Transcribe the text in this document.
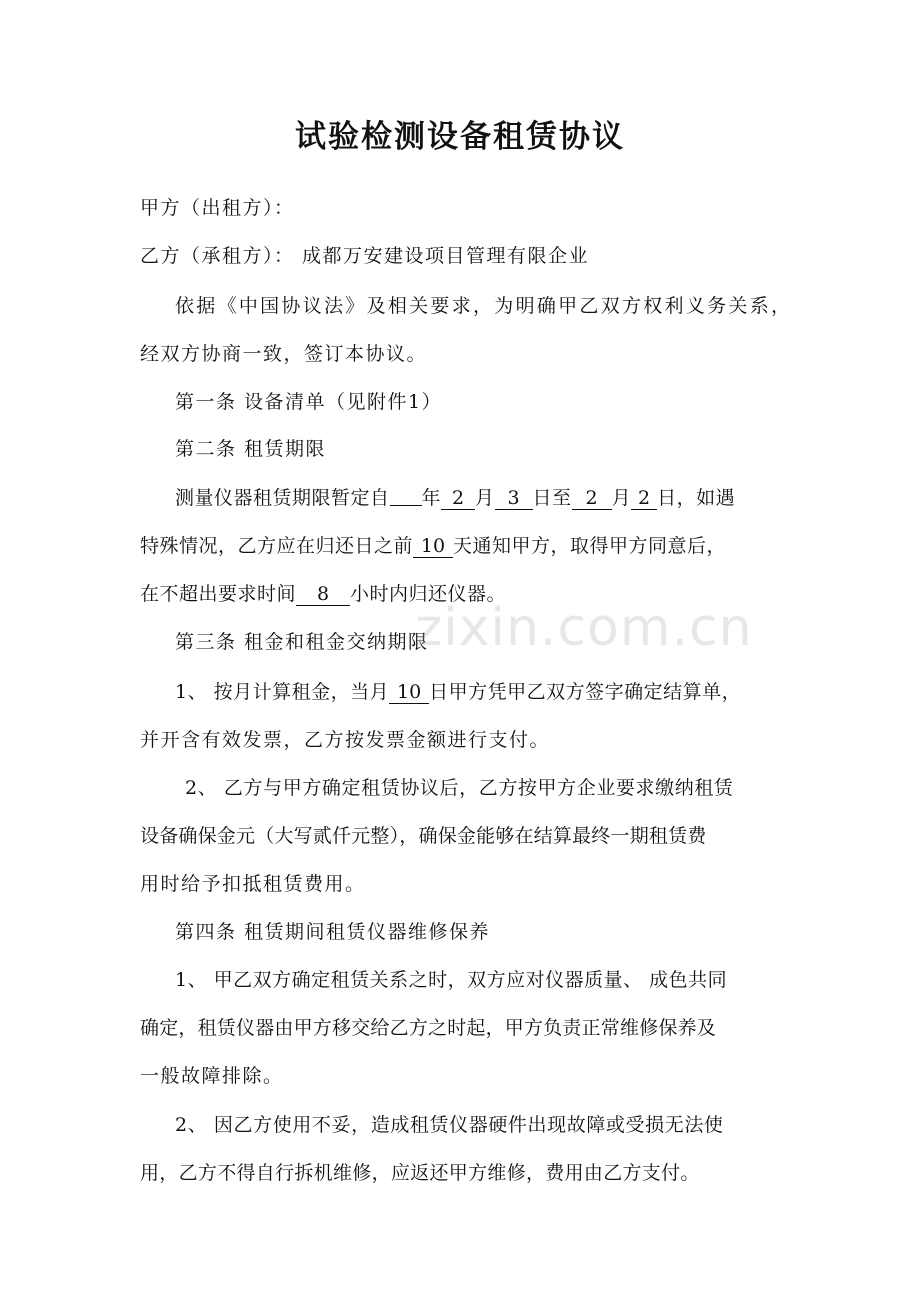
试验检测设备租赁协议
甲方（出租方）：
乙方（承租方）： 成都万安建设项目管理有限企业
依据《中国协议法》及相关要求，为明确甲乙双方权利义务关系，
经双方协商一致，签订本协议。
第一条 设备清单（见附件1）
第二条 租赁期限
测量仪器租赁期限暂定自 年 2 月 3 日至 2 月 2 日，如遇
特殊情况，乙方应在归还日之前 10 天通知甲方，取得甲方同意后，
在不超出要求时间 8 小时内归还仪器。
第三条 租金和租金交纳期限
1、 按月计算租金，当月 10 日甲方凭甲乙双方签字确定结算单，
并开含有效发票，乙方按发票金额进行支付。
2、 乙方与甲方确定租赁协议后，乙方按甲方企业要求缴纳租赁
设备确保金元（大写贰仟元整），确保金能够在结算最终一期租赁费
用时给予扣抵租赁费用。
第四条 租赁期间租赁仪器维修保养
1、 甲乙双方确定租赁关系之时，双方应对仪器质量、 成色共同
确定，租赁仪器由甲方移交给乙方之时起，甲方负责正常维修保养及
一般故障排除。
2、 因乙方使用不妥，造成租赁仪器硬件出现故障或受损无法使
用，乙方不得自行拆机维修，应返还甲方维修，费用由乙方支付。
zixin.com.cn
